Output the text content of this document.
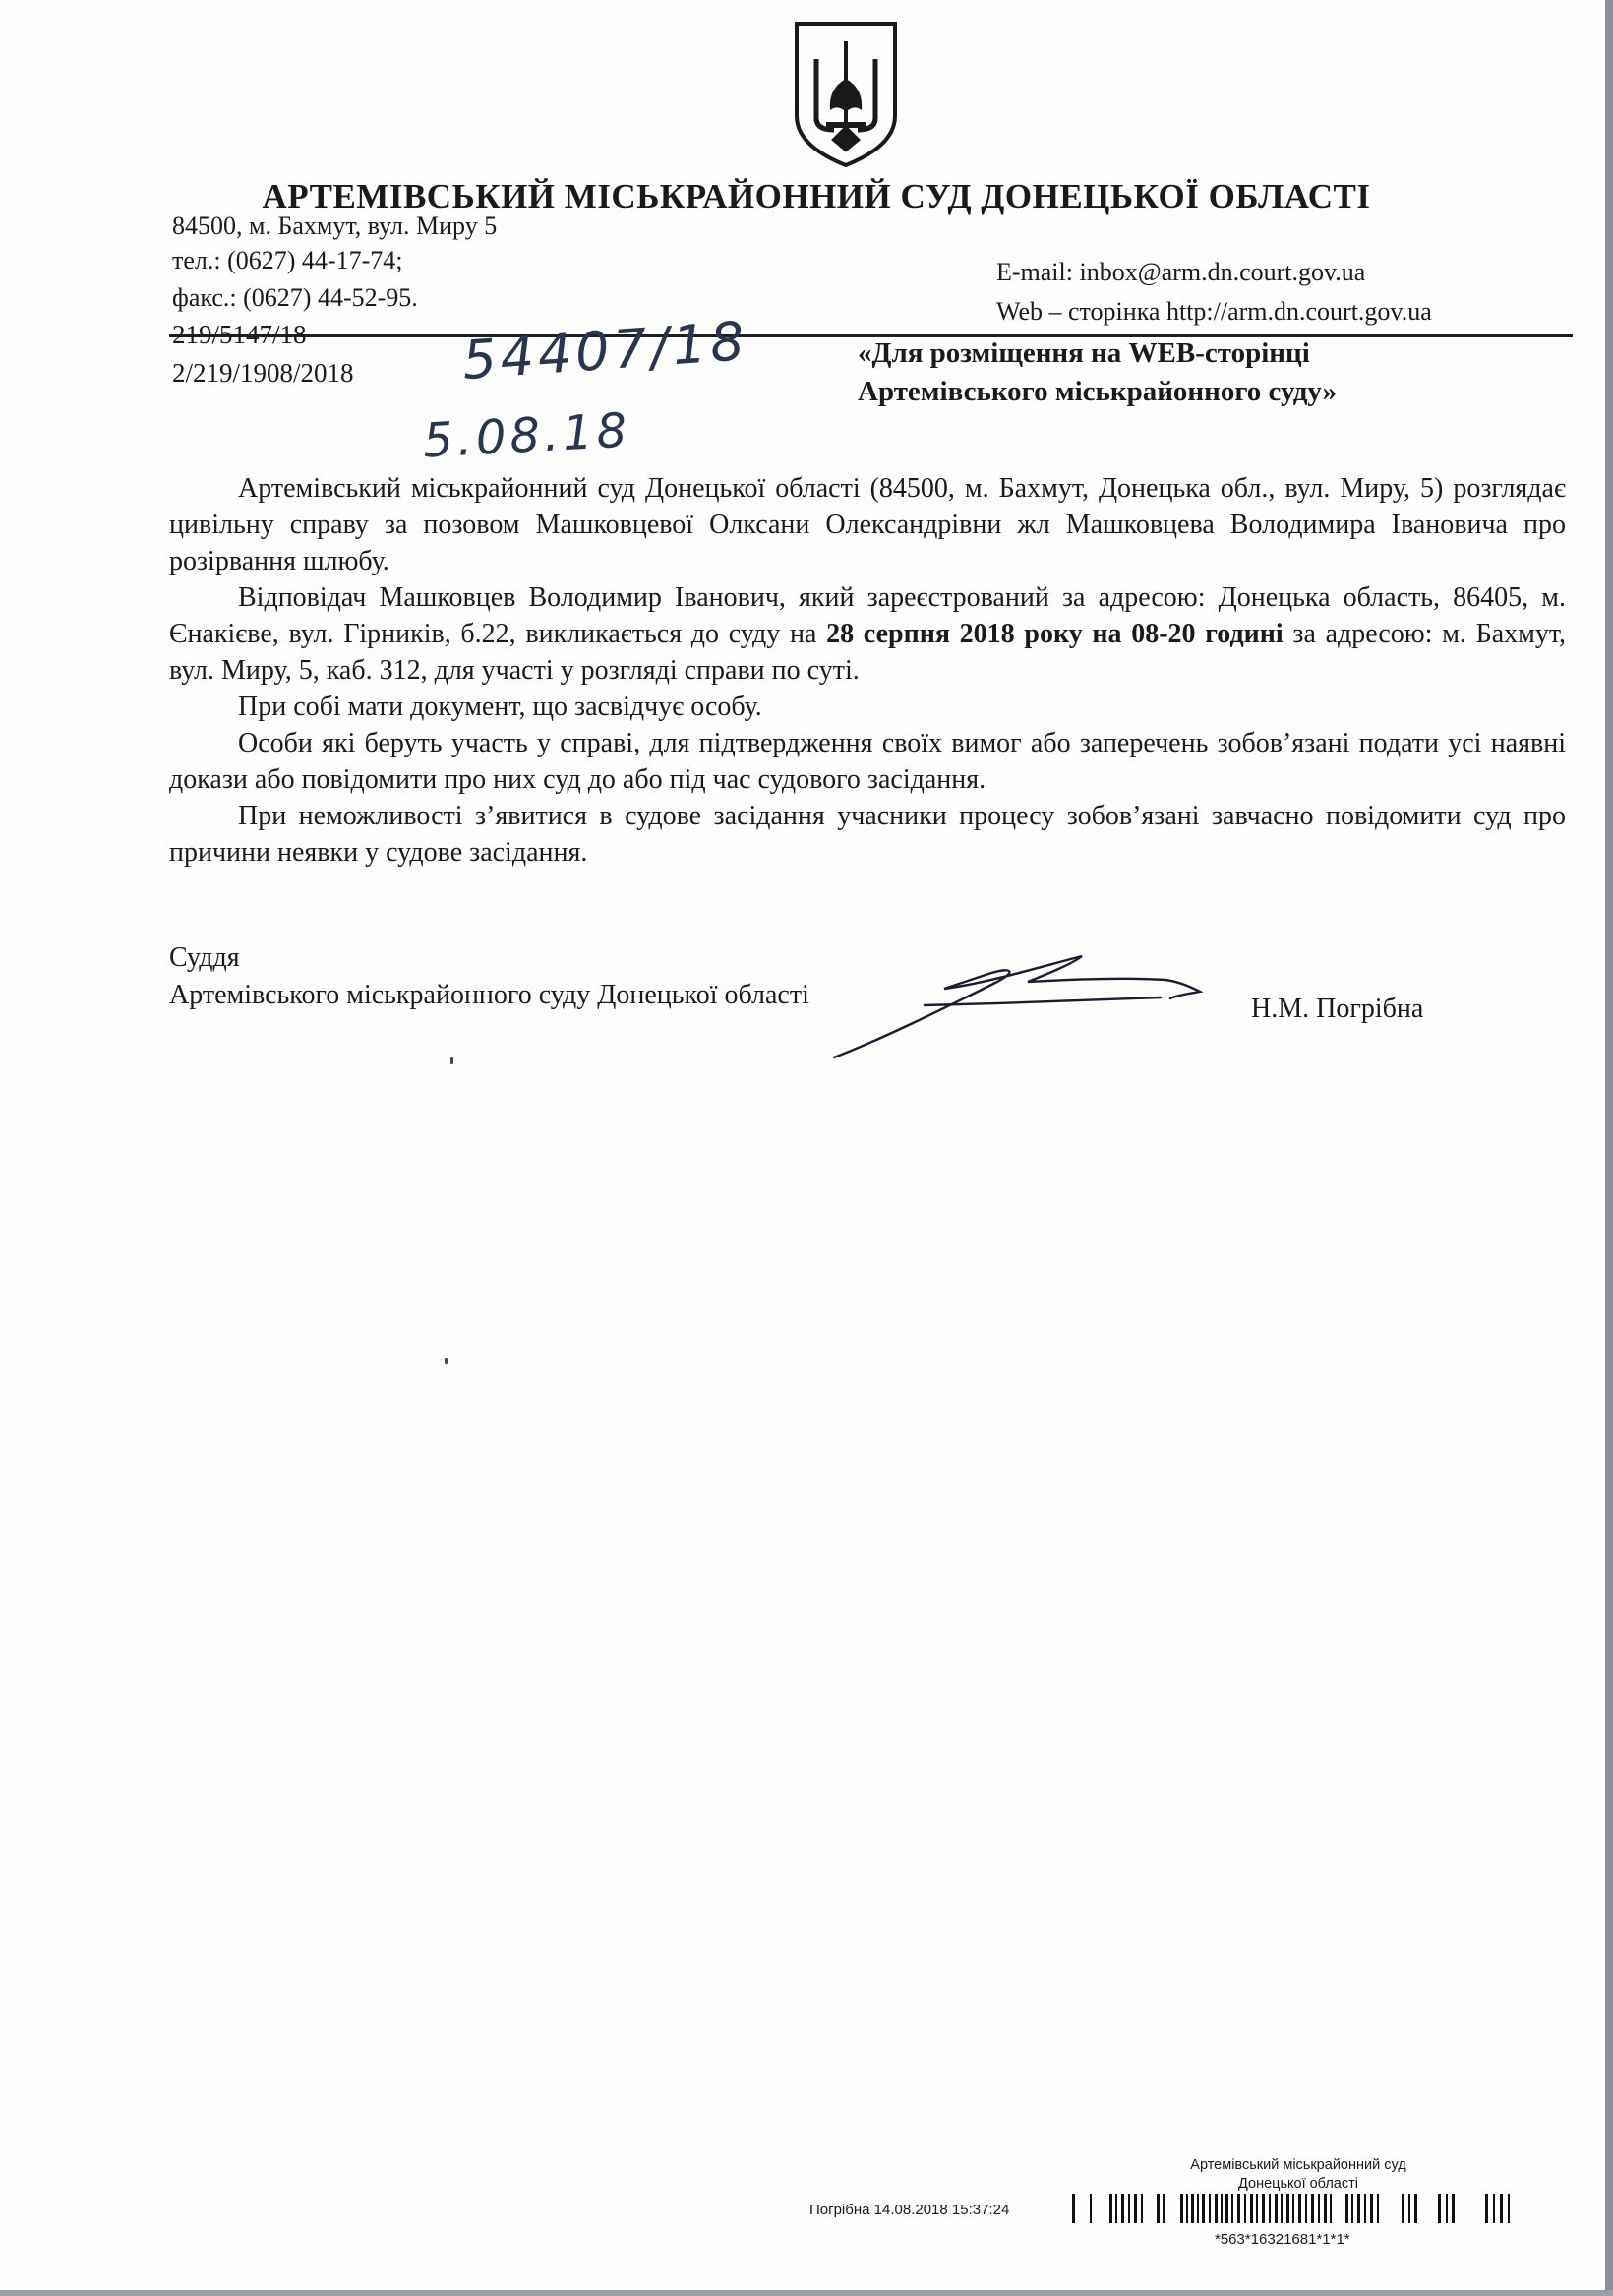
АРТЕМІВСЬКИЙ МІСЬКРАЙОННИЙ СУД ДОНЕЦЬКОЇ ОБЛАСТІ
84500, м. Бахмут, вул. Миру 5
тел.: (0627) 44-17-74;
факс.: (0627) 44-52-95.
E-mail: inbox@arm.dn.court.gov.ua
Web – сторінка http://arm.dn.court.gov.ua
219/5147/18
2/219/1908/2018 54407/18
5.08.18
«Для розміщення на WEB-сторінці
Артемівського міськрайонного суду»

Артемівський міськрайонний суд Донецької області (84500, м. Бахмут, Донецька обл., вул. Миру, 5) розглядає цивільну справу за позовом Машковцевої Олксани Олександрівни жл Машковцева Володимира Івановича про розірвання шлюбу.

Відповідач Машковцев Володимир Іванович, який зареєстрований за адресою: Донецька область, 86405, м. Єнакієве, вул. Гірників, б.22, викликається до суду на 28 серпня 2018 року на 08-20 годині за адресою: м. Бахмут, вул. Миру, 5, каб. 312, для участі у розгляді справи по суті.

При собі мати документ, що засвідчує особу.

Особи які беруть участь у справі, для підтвердження своїх вимог або заперечень зобов’язані подати усі наявні докази або повідомити про них суд до або під час судового засідання.

При неможливості з’явитися в судове засідання учасники процесу зобов’язані завчасно повідомити суд про причини неявки у судове засідання.

Суддя
Артемівського міськрайонного суду Донецької області	Н.М. Погрібна
Артемівський міськрайонний суд
Донецької області
Погрібна 14.08.2018 15:37:24
*563*16321681*1*1*
